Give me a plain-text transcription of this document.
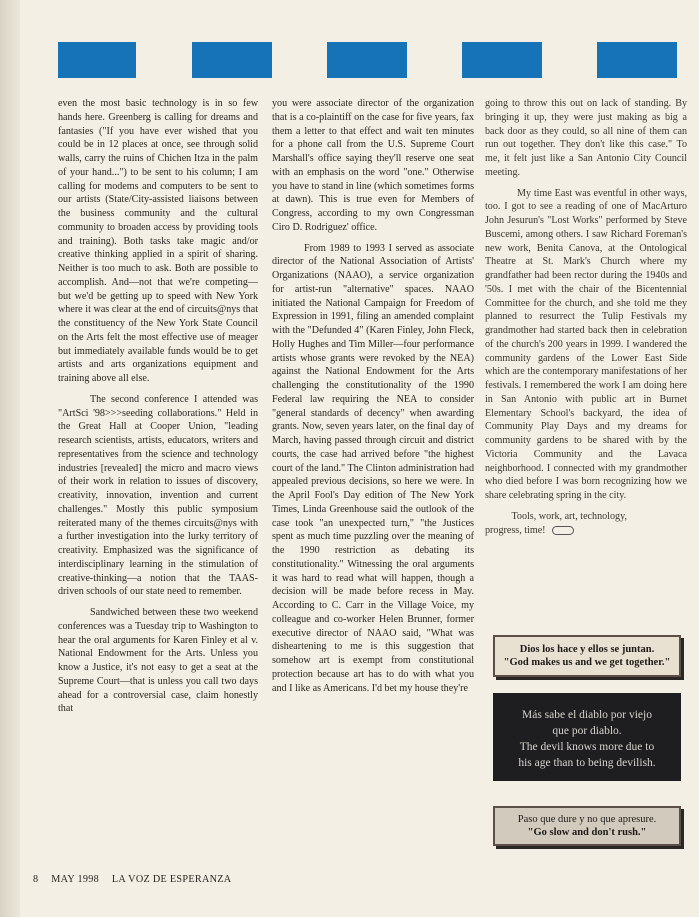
even the most basic technology is in so few hands here. Greenberg is calling for dreams and fantasies ("If you have ever wished that you could be in 12 places at once, see through solid walls, carry the ruins of Chichen Itza in the palm of your hand...") to be sent to his column; I am calling for modems and computers to be sent to our artists (State/City-assisted liaisons between the business community and the cultural community to broaden access by providing tools and training). Both tasks take magic and/or creative thinking applied in a spirit of sharing. Neither is too much to ask. Both are possible to accomplish. And—not that we're competing—but we'd be getting up to speed with New York where it was clear at the end of circuits@nys that the constituency of the New York State Council on the Arts felt the most effective use of meager but immediately available funds would be to get artists and arts organizations equipment and training above all else.

The second conference I attended was "ArtSci '98>>>seeding collaborations." Held in the Great Hall at Cooper Union, "leading research scientists, artists, educators, writers and representatives from the science and technology industries [revealed] the micro and macro views of their work in relation to issues of discovery, creativity, innovation, invention and current challenges." Mostly this public symposium reiterated many of the themes circuits@nys with a further investigation into the lurky territory of creativity. Emphasized was the significance of interdisciplinary learning in the stimulation of creative-thinking—a notion that the TAAS-driven schools of our state need to remember.

Sandwiched between these two weekend conferences was a Tuesday trip to Washington to hear the oral arguments for Karen Finley et al v. National Endowment for the Arts. Unless you know a Justice, it's not easy to get a seat at the Supreme Court—that is unless you call two days ahead for a controversial case, claim honestly that

you were associate director of the organization that is a co-plaintiff on the case for five years, fax them a letter to that effect and wait ten minutes for a phone call from the U.S. Supreme Court Marshall's office saying they'll reserve one seat with an emphasis on the word "one." Otherwise you have to stand in line (which sometimes forms at dawn). This is true even for Members of Congress, according to my own Congressman Ciro D. Rodriguez' office.

From 1989 to 1993 I served as associate director of the National Association of Artists' Organizations (NAAO), a service organization for artist-run "alternative" spaces. NAAO initiated the National Campaign for Freedom of Expression in 1991, filing an amended complaint with the "Defunded 4" (Karen Finley, John Fleck, Holly Hughes and Tim Miller—four performance artists whose grants were revoked by the NEA) against the National Endowment for the Arts challenging the constitutionality of the 1990 Federal law requiring the NEA to consider "general standards of decency" when awarding grants. Now, seven years later, on the final day of March, having passed through circuit and district courts, the case had arrived before "the highest court of the land." The Clinton administration had appealed previous decisions, so here we were. In the April Fool's Day edition of The New York Times, Linda Greenhouse said the outlook of the case took "an unexpected turn," "the Justices spent as much time puzzling over the meaning of the 1990 restriction as debating its constitutionality." Witnessing the oral arguments it was hard to read what will happen, though a decision will be made before recess in May. According to C. Carr in the Village Voice, my colleague and co-worker Helen Brunner, former executive director of NAAO said, "What was disheartening to me is this suggestion that somehow art is exempt from constitutional protection because art has to do with what you and I like as Americans. I'd bet my house they're

going to throw this out on lack of standing. By bringing it up, they were just making as big a back door as they could, so all nine of them can run out together. They don't like this case." To me, it felt just like a San Antonio City Council meeting.

My time East was eventful in other ways, too. I got to see a reading of one of MacArturo John Jesurun's "Lost Works" performed by Steve Buscemi, among others. I saw Richard Foreman's new work, Benita Canova, at the Ontological Theatre at St. Mark's Church where my grandfather had been rector during the 1940s and '50s. I met with the chair of the Bicentennial Committee for the church, and she told me they planned to resurrect the Tulip Festivals my grandmother had started back then in celebration of the church's 200 years in 1999. I wandered the community gardens of the Lower East Side which are the contemporary manifestations of her festivals. I remembered the work I am doing here in San Antonio with public art in Burnet Elementary School's backyard, the idea of Community Play Days and my dreams for community gardens to be shared with by the Victoria Community and the Lavaca neighborhood. I connected with my grandmother who died before I was born recognizing how we share celebrating spring in the city.

Tools, work, art, technology,

progress, time!

Dios los hace y ellos se juntan.
"God makes us and we get together."
Más sabe el diablo por viejo
que por diablo.
The devil knows more due to
his age than to being devilish.
Paso que dure y no que apresure.
"Go slow and don't rush."
8 MAY 1998 LA VOZ DE ESPERANZA
